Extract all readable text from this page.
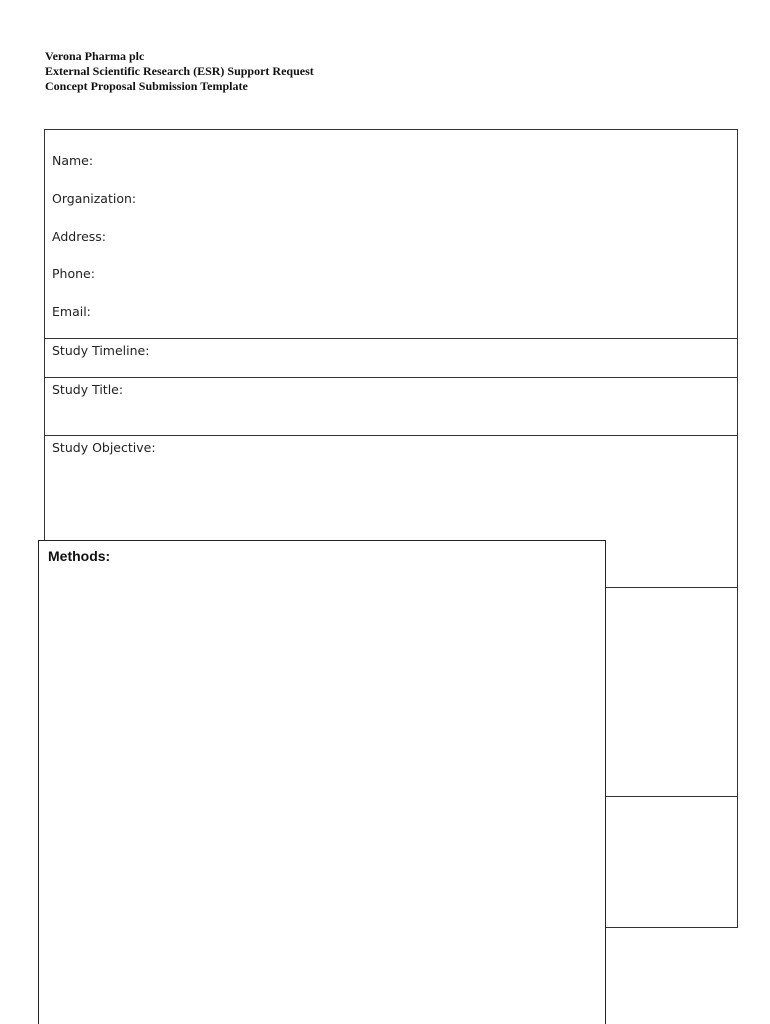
Verona Pharma plc
External Scientific Research (ESR) Support Request
Concept Proposal Submission Template
Name:
Organization:
Address:
Phone:
Email:
Study Timeline:
Study Title:
Study Objective:
Methods:
